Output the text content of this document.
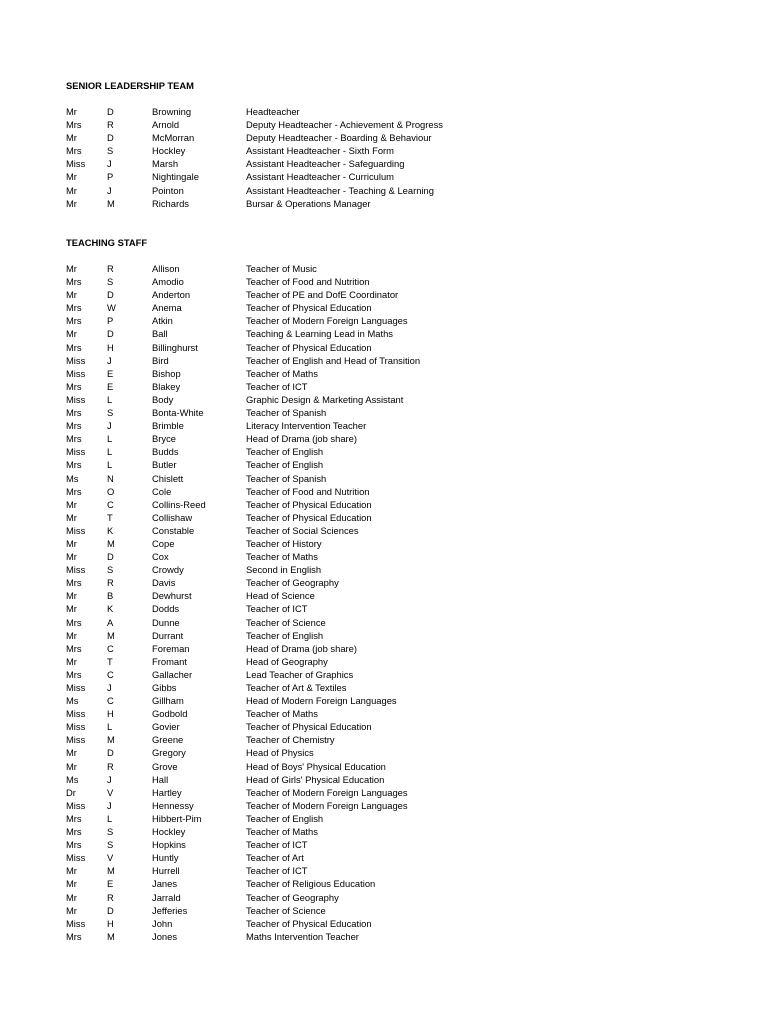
SENIOR LEADERSHIP TEAM
Mr	D	Browning	Headteacher
Mrs	R	Arnold	Deputy Headteacher - Achievement & Progress
Mr	D	McMorran	Deputy Headteacher - Boarding & Behaviour
Mrs	S	Hockley	Assistant Headteacher - Sixth Form
Miss J	Marsh	Assistant Headteacher - Safeguarding
Mr	P	Nightingale	Assistant Headteacher - Curriculum
Mr	J	Pointon	Assistant Headteacher - Teaching & Learning
Mr	M	Richards	Bursar & Operations Manager
TEACHING STAFF
Mr	R	Allison	Teacher of Music
Mrs	S	Amodio	Teacher of Food and Nutrition
Mr	D	Anderton	Teacher of PE and DofE Coordinator
Mrs	W	Anema	Teacher of Physical Education
Mrs	P	Atkin	Teacher of Modern Foreign Languages
Mr	D	Ball	Teaching & Learning Lead in Maths
Mrs	H	Billinghurst	Teacher of Physical Education
Miss J	Bird	Teacher of English and Head of Transition
Miss E	Bishop	Teacher of Maths
Mrs	E	Blakey	Teacher of ICT
Miss L	Body	Graphic Design & Marketing Assistant
Mrs	S	Bonta-White	Teacher of Spanish
Mrs	J	Brimble	Literacy Intervention Teacher
Mrs	L	Bryce	Head of Drama (job share)
Miss L	Budds	Teacher of English
Mrs	L	Butler	Teacher of English
Ms	N	Chislett	Teacher of Spanish
Mrs	O	Cole	Teacher of Food and Nutrition
Mr	C	Collins-Reed	Teacher of Physical Education
Mr	T	Collishaw	Teacher of Physical Education
Miss K	Constable	Teacher of Social Sciences
Mr	M	Cope	Teacher of History
Mr	D	Cox	Teacher of Maths
Miss S	Crowdy	Second in English
Mrs	R	Davis	Teacher of Geography
Mr	B	Dewhurst	Head of Science
Mr	K	Dodds	Teacher of ICT
Mrs	A	Dunne	Teacher of Science
Mr	M	Durrant	Teacher of English
Mrs	C	Foreman	Head of Drama (job share)
Mr	T	Fromant	Head of Geography
Mrs	C	Gallacher	Lead Teacher of Graphics
Miss J	Gibbs	Teacher of Art & Textiles
Ms	C	Gillham	Head of Modern Foreign Languages
Miss H	Godbold	Teacher of Maths
Miss L	Govier	Teacher of Physical Education
Miss M	Greene	Teacher of Chemistry
Mr	D	Gregory	Head of Physics
Mr	R	Grove	Head of Boys' Physical Education
Ms	J	Hall	Head of Girls' Physical Education
Dr	V	Hartley	Teacher of Modern Foreign Languages
Miss J	Hennessy	Teacher of Modern Foreign Languages
Mrs	L	Hibbert-Pim	Teacher of English
Mrs	S	Hockley	Teacher of Maths
Mrs	S	Hopkins	Teacher of ICT
Miss V	Huntly	Teacher of Art
Mr	M	Hurrell	Teacher of ICT
Mr	E	Janes	Teacher of Religious Education
Mr	R	Jarrald	Teacher of Geography
Mr	D	Jefferies	Teacher of Science
Miss H	John	Teacher of Physical Education
Mrs	M	Jones	Maths Intervention Teacher
